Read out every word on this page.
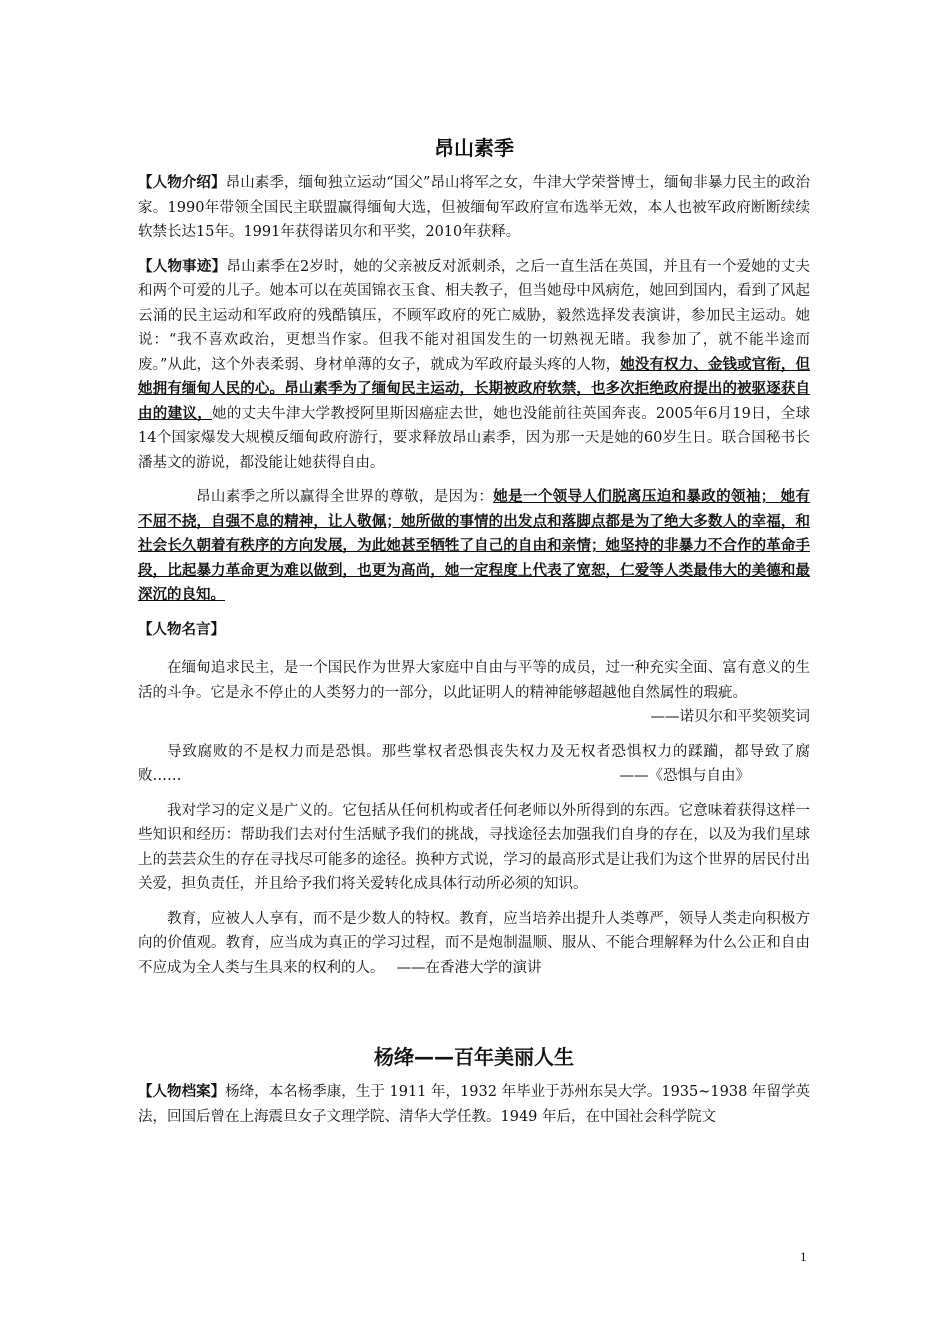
昂山素季

【人物介绍】昂山素季，缅甸独立运动“国父”昂山将军之女，牛津大学荣誉博士，缅甸非暴力民主的政治家。1990年带领全国民主联盟赢得缅甸大选，但被缅甸军政府宣布选举无效，本人也被军政府断断续续软禁长达15年。1991年获得诺贝尔和平奖，2010年获释。

【人物事迹】昂山素季在2岁时，她的父亲被反对派刺杀，之后一直生活在英国，并且有一个爱她的丈夫和两个可爱的儿子。她本可以在英国锦衣玉食、相夫教子，但当她母中风病危，她回到国内，看到了风起云涌的民主运动和军政府的残酷镇压，不顾军政府的死亡威胁，毅然选择发表演讲，参加民主运动。她说：“我不喜欢政治，更想当作家。但我不能对祖国发生的一切熟视无睹。我参加了，就不能半途而废。”从此，这个外表柔弱、身材单薄的女子，就成为军政府最头疼的人物，她没有权力、金钱或官衔，但她拥有缅甸人民的心。昂山素季为了缅甸民主运动，长期被政府软禁，也多次拒绝政府提出的被驱逐获自由的建议，她的丈夫牛津大学教授阿里斯因癌症去世，她也没能前往英国奔丧。2005年6月19日，全球14个国家爆发大规模反缅甸政府游行，要求释放昂山素季，因为那一天是她的60岁生日。联合国秘书长潘基文的游说，都没能让她获得自由。

昂山素季之所以赢得全世界的尊敬，是因为：她是一个领导人们脱离压迫和暴政的领袖； 她有不屈不挠，自强不息的精神，让人敬佩；她所做的事情的出发点和落脚点都是为了绝大多数人的幸福，和社会长久朝着有秩序的方向发展，为此她甚至牺牲了自己的自由和亲情；她坚持的非暴力不合作的革命手段，比起暴力革命更为难以做到，也更为高尚，她一定程度上代表了宽恕，仁爱等人类最伟大的美德和最深沉的良知。

【人物名言】

在缅甸追求民主，是一个国民作为世界大家庭中自由与平等的成员，过一种充实全面、富有意义的生活的斗争。它是永不停止的人类努力的一部分，以此证明人的精神能够超越他自然属性的瑕疵。
——诺贝尔和平奖领奖词

导致腐败的不是权力而是恐惧。那些掌权者恐惧丧失权力及无权者恐惧权力的蹂躏，都导致了腐败……	——《恐惧与自由》

我对学习的定义是广义的。它包括从任何机构或者任何老师以外所得到的东西。它意味着获得这样一些知识和经历：帮助我们去对付生活赋予我们的挑战，寻找途径去加强我们自身的存在，以及为我们星球上的芸芸众生的存在寻找尽可能多的途径。换种方式说，学习的最高形式是让我们为这个世界的居民付出关爱，担负责任，并且给予我们将关爱转化成具体行动所必须的知识。

教育，应被人人享有，而不是少数人的特权。教育，应当培养出提升人类尊严，领导人类走向积极方向的价值观。教育，应当成为真正的学习过程，而不是炮制温顺、服从、不能合理解释为什么公正和自由不应成为全人类与生具来的权利的人。 ——在香港大学的演讲

杨绛——百年美丽人生

【人物档案】杨绛，本名杨季康，生于 1911 年，1932 年毕业于苏州东吴大学。1935~1938 年留学英法，回国后曾在上海震旦女子文理学院、清华大学任教。1949 年后，在中国社会科学院文

1
